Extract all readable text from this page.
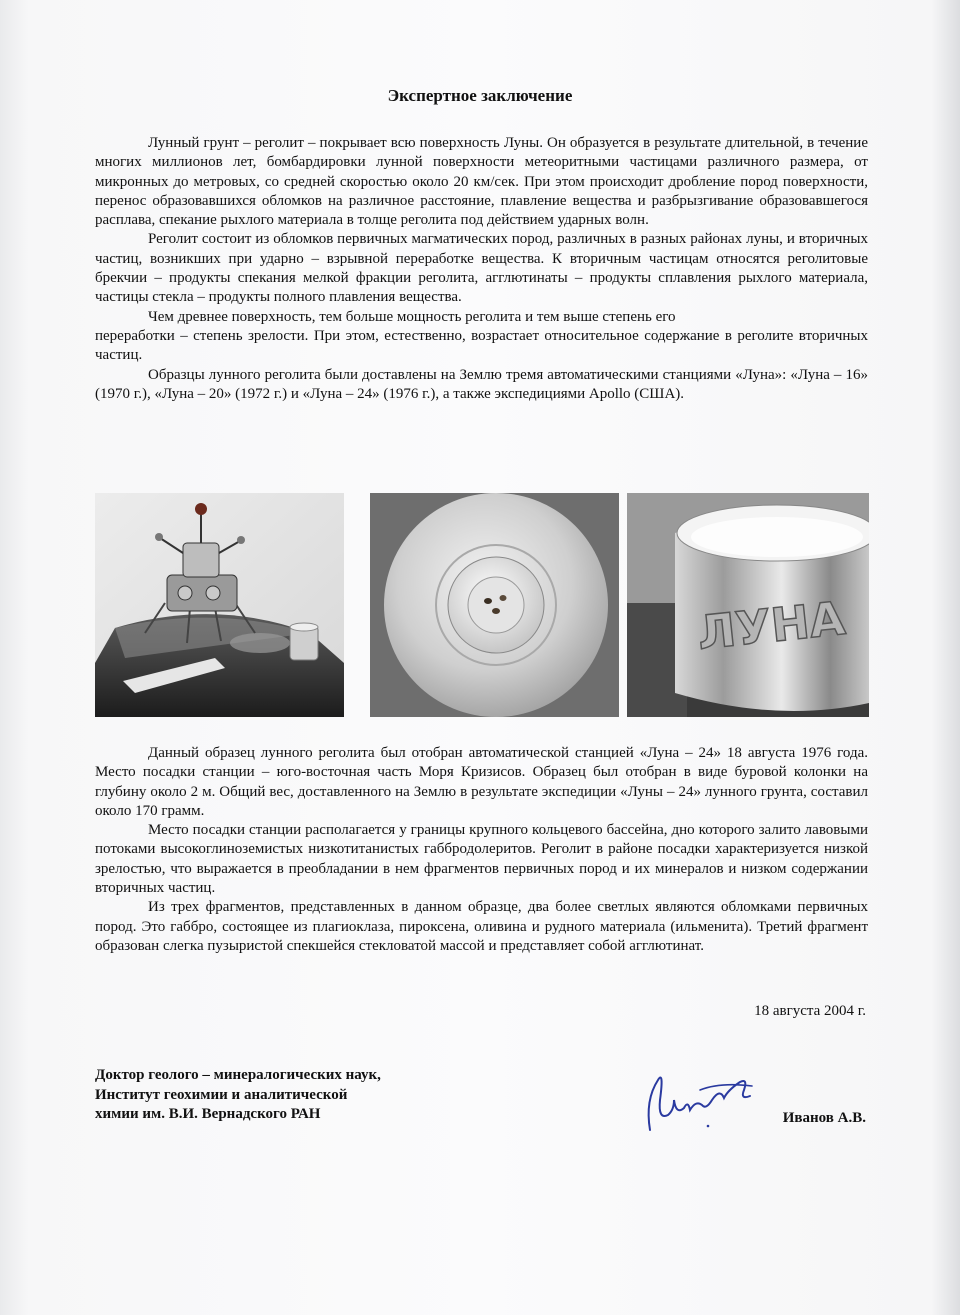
Экспертное заключение

Лунный грунт – реголит – покрывает всю поверхность Луны. Он образуется в результате длительной, в течение многих миллионов лет, бомбардировки лунной поверхности метеоритными частицами различного размера, от микронных до метровых, со средней скоростью около 20 км/сек. При этом происходит дробление пород поверхности, перенос образовавшихся обломков на различное расстояние, плавление вещества и разбрызгивание образовавшегося расплава, спекание рыхлого материала в толще реголита под действием ударных волн.

Реголит состоит из обломков первичных магматических пород, различных в разных районах луны, и вторичных частиц, возникших при ударно – взрывной переработке вещества. К вторичным частицам относятся реголитовые брекчии – продукты спекания мелкой фракции реголита, агглютинаты – продукты сплавления рыхлого материала, частицы стекла – продукты полного плавления вещества.

Чем древнее поверхность, тем больше мощность реголита и тем выше степень его

переработки – степень зрелости. При этом, естественно, возрастает относительное содержание в реголите вторичных частиц.

Образцы лунного реголита были доставлены на Землю тремя автоматическими станциями «Луна»: «Луна – 16» (1970 г.), «Луна – 20» (1972 г.) и «Луна – 24» (1976 г.), а также экспедициями Apollo (США).

ЛУНА

Данный образец лунного реголита был отобран автоматической станцией «Луна – 24» 18 августа 1976 года. Место посадки станции – юго-восточная часть Моря Кризисов. Образец был отобран в виде буровой колонки на глубину около 2 м. Общий вес, доставленного на Землю в результате экспедиции «Луны – 24» лунного грунта, составил около 170 грамм.

Место посадки станции располагается у границы крупного кольцевого бассейна, дно которого залито лавовыми потоками высокоглиноземистых низкотитанистых габбродолеритов. Реголит в районе посадки характеризуется низкой зрелостью, что выражается в преобладании в нем фрагментов первичных пород и их минералов и низком содержании вторичных частиц.

Из трех фрагментов, представленных в данном образце, два более светлых являются обломками первичных пород. Это габбро, состоящее из плагиоклаза, пироксена, оливина и рудного материала (ильменита). Третий фрагмент образован слегка пузыристой спекшейся стекловатой массой и представляет собой агглютинат.

18 августа 2004 г.
Доктор геолого – минералогических наук,
Институт геохимии и аналитической
химии им. В.И. Вернадского РАН	Иванов А.В.
